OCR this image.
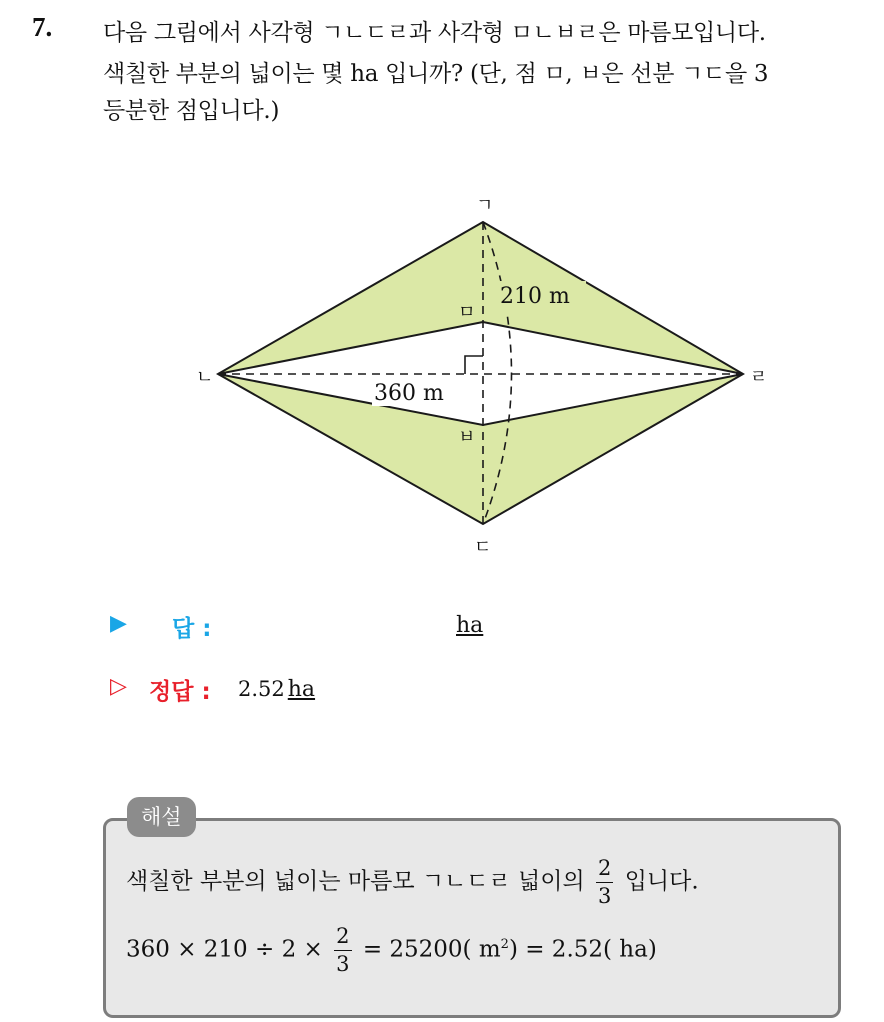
7. 다음 그림에서 사각형 ㄱㄴㄷㄹ과 사각형 ㅁㄴㅂㄹ은 마름모입니다.
색칠한 부분의 넓이는 몇 ha 입니까? (단, 점 ㅁ, ㅂ은 선분 ㄱㄷ을 3
등분한 점입니다.)
210 m
360 m
ㄱ
ㄴ
ㄷ
ㄹ
ㅁ
ㅂ
▶ 답 :	ha
▷ 정답 : 2.52 ha
해설
색칠한 부분의 넓이는 마름모 ㄱㄴㄷㄹ 넓이의 $\frac{2}{3}$ 입니다.
$360 \times 210 \div 2 \times \frac{2}{3} = 25200$( $m^2) = 2.52$( ha)
